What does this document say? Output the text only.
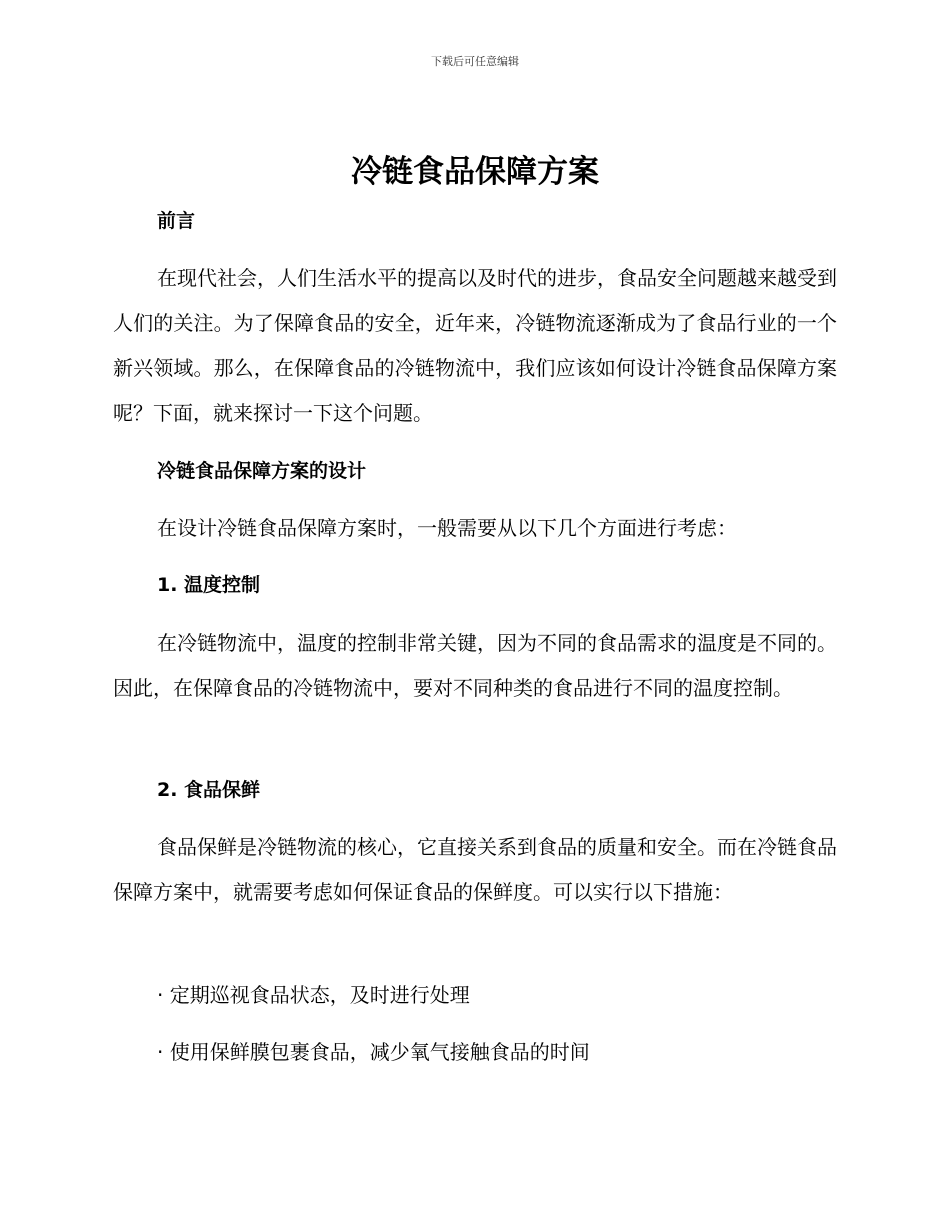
下载后可任意编辑
冷链食品保障方案
前言

在现代社会，人们生活水平的提高以及时代的进步，食品安全问题越来越受到人们的关注。为了保障食品的安全，近年来，冷链物流逐渐成为了食品行业的一个新兴领域。那么，在保障食品的冷链物流中，我们应该如何设计冷链食品保障方案呢？下面，就来探讨一下这个问题。

冷链食品保障方案的设计

在设计冷链食品保障方案时，一般需要从以下几个方面进行考虑：

1. 温度控制

在冷链物流中，温度的控制非常关键，因为不同的食品需求的温度是不同的。因此，在保障食品的冷链物流中，要对不同种类的食品进行不同的温度控制。

2. 食品保鲜

食品保鲜是冷链物流的核心，它直接关系到食品的质量和安全。而在冷链食品保障方案中，就需要考虑如何保证食品的保鲜度。可以实行以下措施：

· 定期巡视食品状态，及时进行处理

· 使用保鲜膜包裹食品，减少氧气接触食品的时间
